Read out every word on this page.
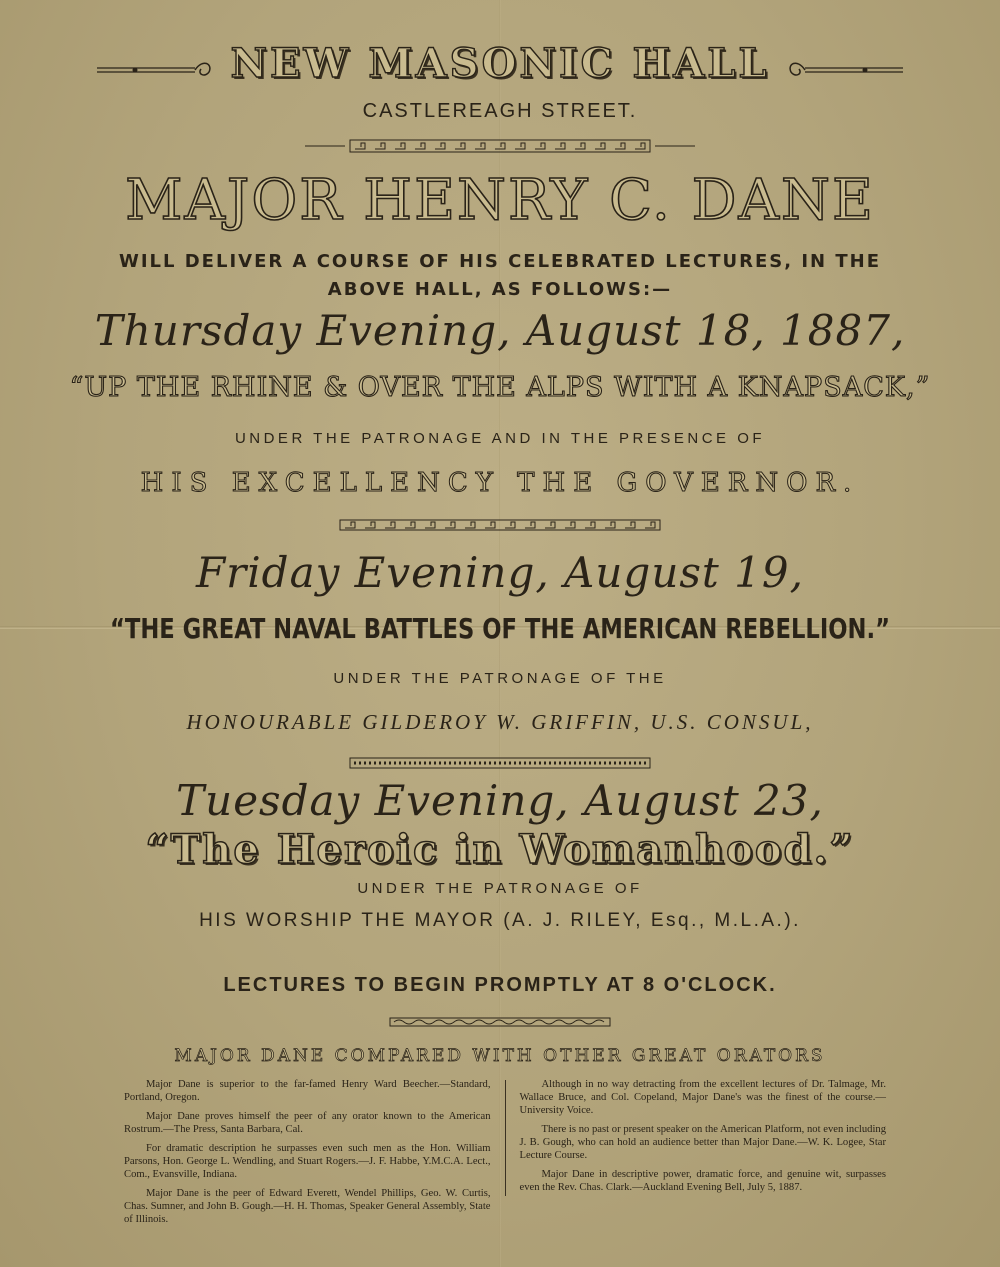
NEW MASONIC HALL
CASTLEREAGH STREET.
MAJOR HENRY C. DANE
WILL DELIVER A COURSE OF HIS CELEBRATED LECTURES, IN THE
ABOVE HALL, AS FOLLOWS:—
Thursday Evening, August 18, 1887,
“UP THE RHINE & OVER THE ALPS WITH A KNAPSACK,”
UNDER THE PATRONAGE AND IN THE PRESENCE OF
HIS EXCELLENCY THE GOVERNOR.
Friday Evening, August 19,
“THE GREAT NAVAL BATTLES OF THE AMERICAN REBELLION.”
UNDER THE PATRONAGE OF THE
HONOURABLE GILDEROY W. GRIFFIN, U.S. CONSUL,
Tuesday Evening, August 23,
“The Heroic in Womanhood.”
UNDER THE PATRONAGE OF
HIS WORSHIP THE MAYOR (A. J. RILEY, Esq., M.L.A.).
LECTURES TO BEGIN PROMPTLY AT 8 O'CLOCK.
MAJOR DANE COMPARED WITH OTHER GREAT ORATORS

Major Dane is superior to the far-famed Henry Ward Beecher.—Standard, Portland, Oregon.

Major Dane proves himself the peer of any orator known to the American Rostrum.—The Press, Santa Barbara, Cal.

For dramatic description he surpasses even such men as the Hon. William Parsons, Hon. George L. Wendling, and Stuart Rogers.—J. F. Habbe, Y.M.C.A. Lect., Com., Evansville, Indiana.

Major Dane is the peer of Edward Everett, Wendel Phillips, Geo. W. Curtis, Chas. Sumner, and John B. Gough.—H. H. Thomas, Speaker General Assembly, State of Illinois.

Although in no way detracting from the excellent lectures of Dr. Talmage, Mr. Wallace Bruce, and Col. Copeland, Major Dane's was the finest of the course.—University Voice.

There is no past or present speaker on the American Platform, not even including J. B. Gough, who can hold an audience better than Major Dane.—W. K. Logee, Star Lecture Course.

Major Dane in descriptive power, dramatic force, and genuine wit, surpasses even the Rev. Chas. Clark.—Auckland Evening Bell, July 5, 1887.
